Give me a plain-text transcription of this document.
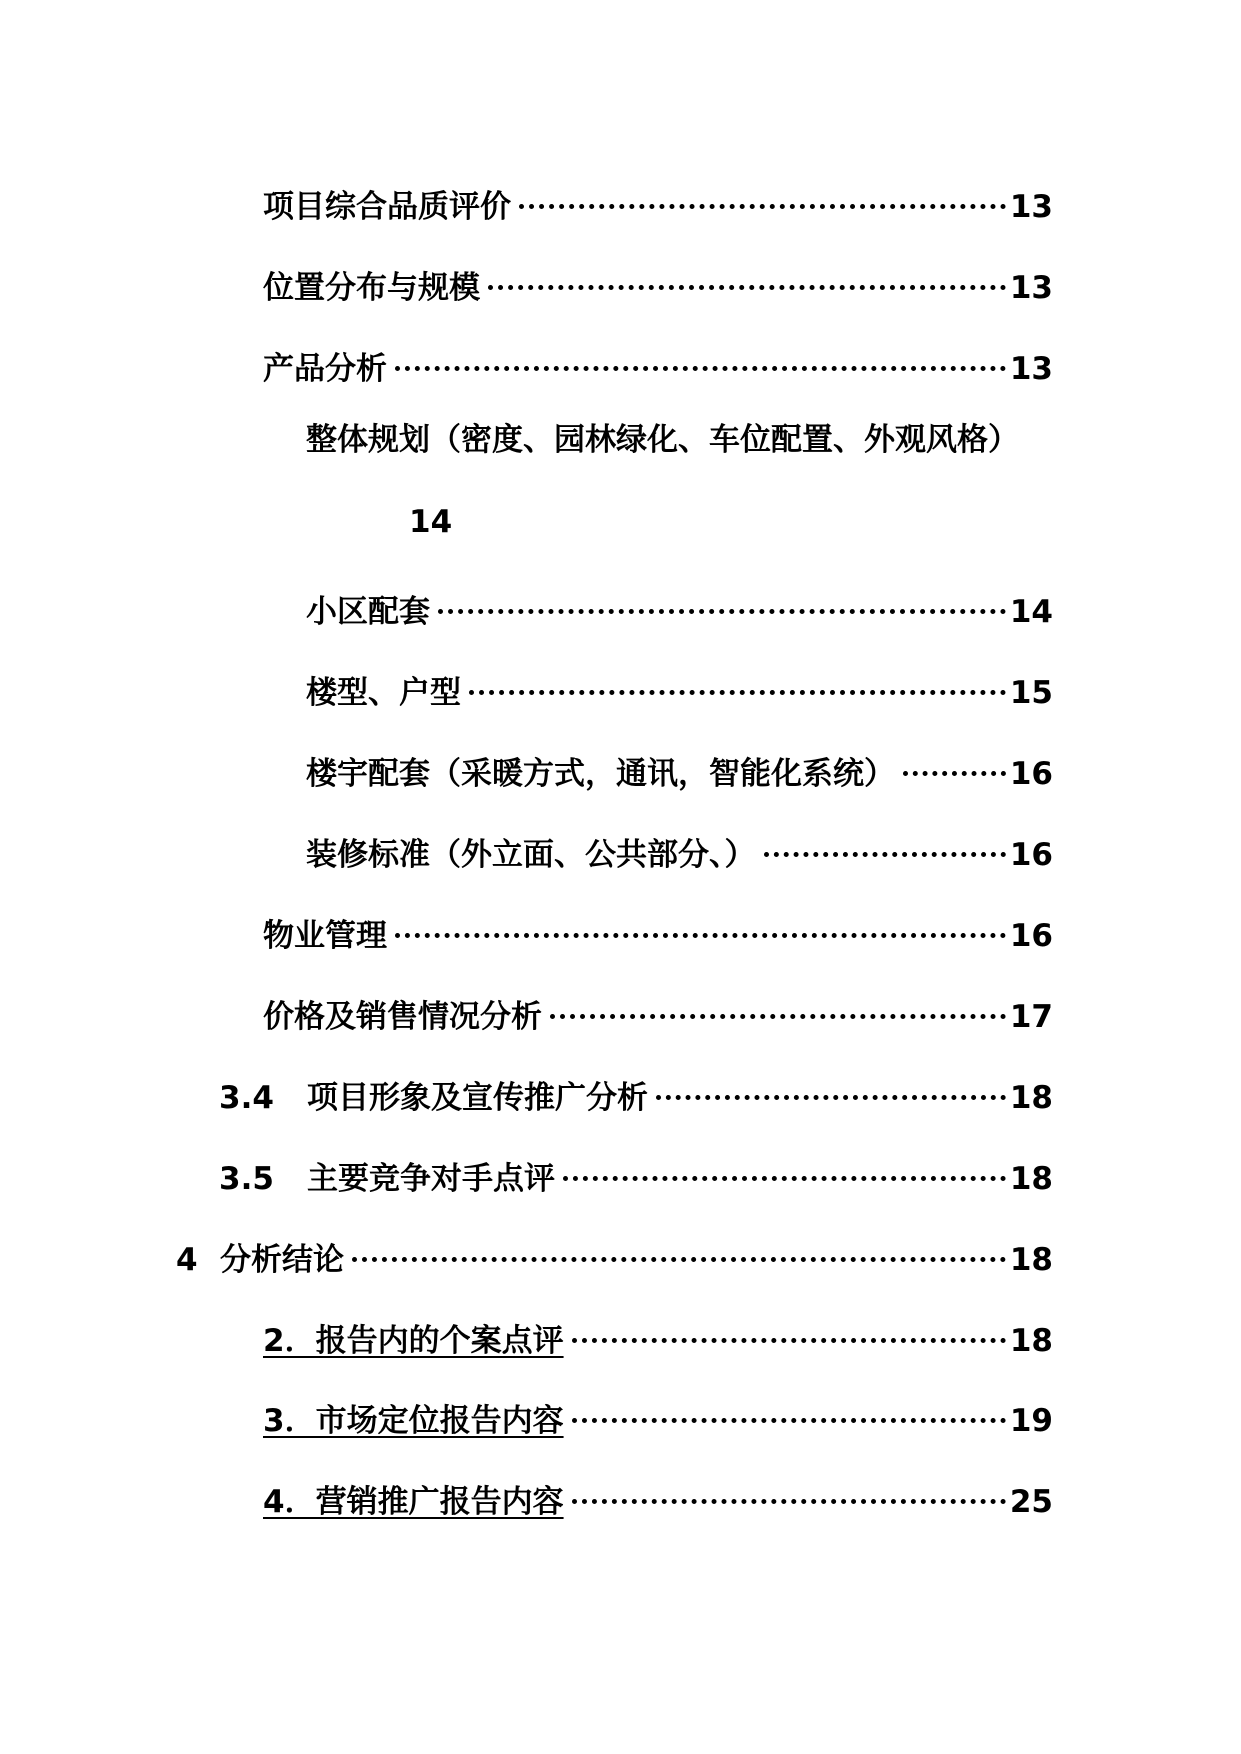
项目综合品质评价	13
位置分布与规模	13
产品分析	13
整体规划（密度、园林绿化、车位配置、外观风格）
14
小区配套	14
楼型、户型	15
楼宇配套（采暖方式，通讯，智能化系统）	16
装修标准（外立面、公共部分、）	16
物业管理	16
价格及销售情况分析	17
3.4	项目形象及宣传推广分析	18
3.5	主要竞争对手点评	18
4 分析结论	18
2．报告内的个案点评	18
3．市场定位报告内容	19
4．营销推广报告内容	25
